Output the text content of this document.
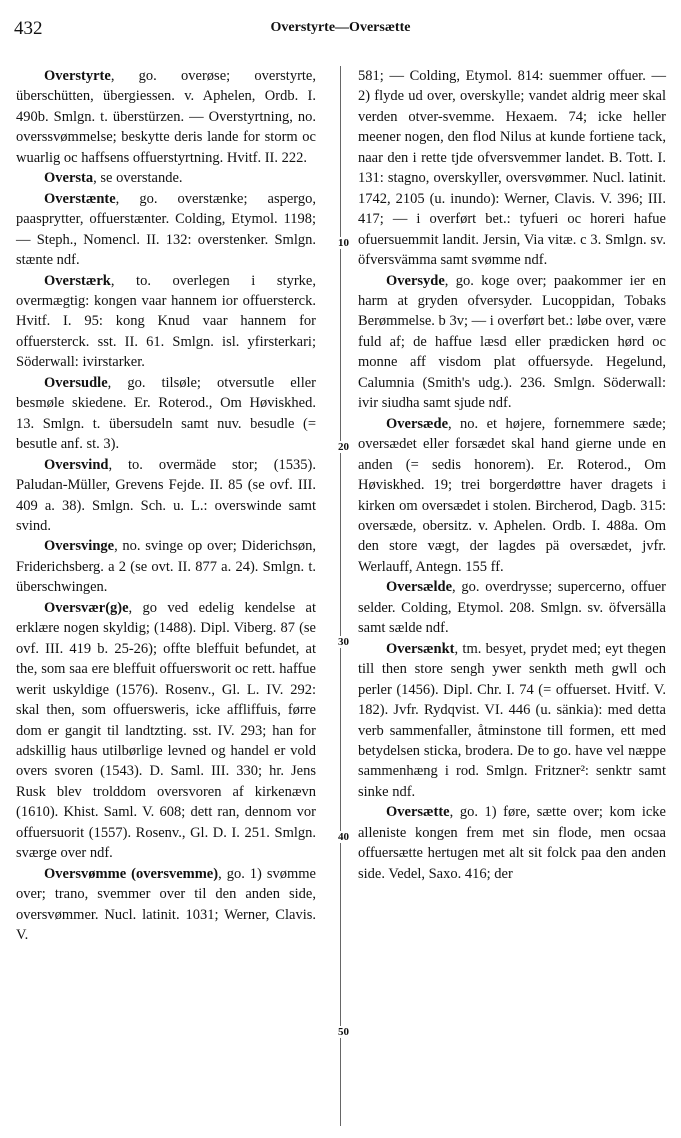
432	Overstyrte—Oversætte
10
20
30
40
50

Overstyrte, go. overøse; overstyrte, überschütten, übergiessen. v. Aphelen, Ordb. I. 490b. Smlgn. t. überstürzen. — Overstyrtning, no. overssvømmelse; beskytte deris lande for storm oc wuarlig oc haffsens offuerstyrtning. Hvitf. II. 222.

Oversta, se overstande.

Overstænte, go. overstænke; aspergo, paasprytter, offuerstænter. Colding, Etymol. 1198; — Steph., Nomencl. II. 132: overstenker. Smlgn. stænte ndf.

Overstærk, to. overlegen i styrke, overmægtig: kongen vaar hannem ior offuersterck. Hvitf. I. 95: kong Knud vaar hannem for offuersterck. sst. II. 61. Smlgn. isl. yfirsterkari; Söderwall: ivirstarker.

Oversudle, go. tilsøle; otversutle eller besmøle skiedene. Er. Roterod., Om Høviskhed. 13. Smlgn. t. übersudeln samt nuv. besudle (= besutle anf. st. 3).

Oversvind, to. overmäde stor; (1535). Paludan-Müller, Grevens Fejde. II. 85 (se ovf. III. 409 a. 38). Smlgn. Sch. u. L.: overswinde samt svind.

Oversvinge, no. svinge op over; Diderichsøn, Friderichsberg. a 2 (se ovt. II. 877 a. 24). Smlgn. t. überschwingen.

Oversvær(g)e, go ved edelig kendelse at erklære nogen skyldig; (1488). Dipl. Viberg. 87 (se ovf. III. 419 b. 25-26); offte bleffuit befundet, at the, som saa ere bleffuit offuersworit oc rett. haffue werit uskyldige (1576). Rosenv., Gl. L. IV. 292: skal then, som offuersweris, icke affliffuis, førre dom er gangit til landtzting. sst. IV. 293; han for adskillig haus utilbørlige levned og handel er vold overs svoren (1543). D. Saml. III. 330; hr. Jens Rusk blev trolddom oversvoren af kirkenævn (1610). Khist. Saml. V. 608; dett ran, dennom vor offuersuorit (1557). Rosenv., Gl. D. I. 251. Smlgn. sværge over ndf.

Oversvømme (oversvemme), go. 1) svømme over; trano, svemmer over til den anden side, oversvømmer. Nucl. latinit. 1031; Werner, Clavis. V.

581; — Colding, Etymol. 814: suemmer offuer. — 2) flyde ud over, overskylle; vandet aldrig meer skal verden otver-svemme. Hexaem. 74; icke heller meener nogen, den flod Nilus at kunde fortiene tack, naar den i rette tjde ofversvemmer landet. B. Tott. I. 131: stagno, overskyller, oversvømmer. Nucl. latinit. 1742, 2105 (u. inundo): Werner, Clavis. V. 396; III. 417; — i overført bet.: tyfueri oc horeri hafue ofuersuemmit landit. Jersin, Via vitæ. c 3. Smlgn. sv. öfversvämma samt svømme ndf.

Oversyde, go. koge over; paakommer ier en harm at gryden ofversyder. Lucoppidan, Tobaks Berømmelse. b 3v; — i overført bet.: løbe over, være fuld af; de haffue læsd eller prædicken hørd oc monne aff visdom plat offuersyde. Hegelund, Calumnia (Smith's udg.). 236. Smlgn. Söderwall: ivir siudha samt sjude ndf.

Oversæde, no. et højere, fornemmere sæde; oversædet eller forsædet skal hand gierne unde en anden (= sedis honorem). Er. Roterod., Om Høviskhed. 19; trei borgerdøttre haver dragets i kirken om oversædet i stolen. Bircherod, Dagb. 315: oversæde, obersitz. v. Aphelen. Ordb. I. 488a. Om den store vægt, der lagdes pä oversædet, jvfr. Werlauff, Antegn. 155 ff.

Oversælde, go. overdrysse; supercerno, offuer selder. Colding, Etymol. 208. Smlgn. sv. öfversälla samt sælde ndf.

Oversænkt, tm. besyet, prydet med; eyt thegen till then store sengh ywer senkth meth gwll och perler (1456). Dipl. Chr. I. 74 (= offuerset. Hvitf. V. 182). Jvfr. Rydqvist. VI. 446 (u. sänkia): med detta verb sammenfaller, åtminstone till formen, ett med betydelsen sticka, brodera. De to go. have vel næppe sammenhæng i rod. Smlgn. Fritzner²: senktr samt sinke ndf.

Oversætte, go. 1) føre, sætte over; kom icke alleniste kongen frem met sin flode, men ocsaa offuersætte hertugen met alt sit folck paa den anden side. Vedel, Saxo. 416; der
